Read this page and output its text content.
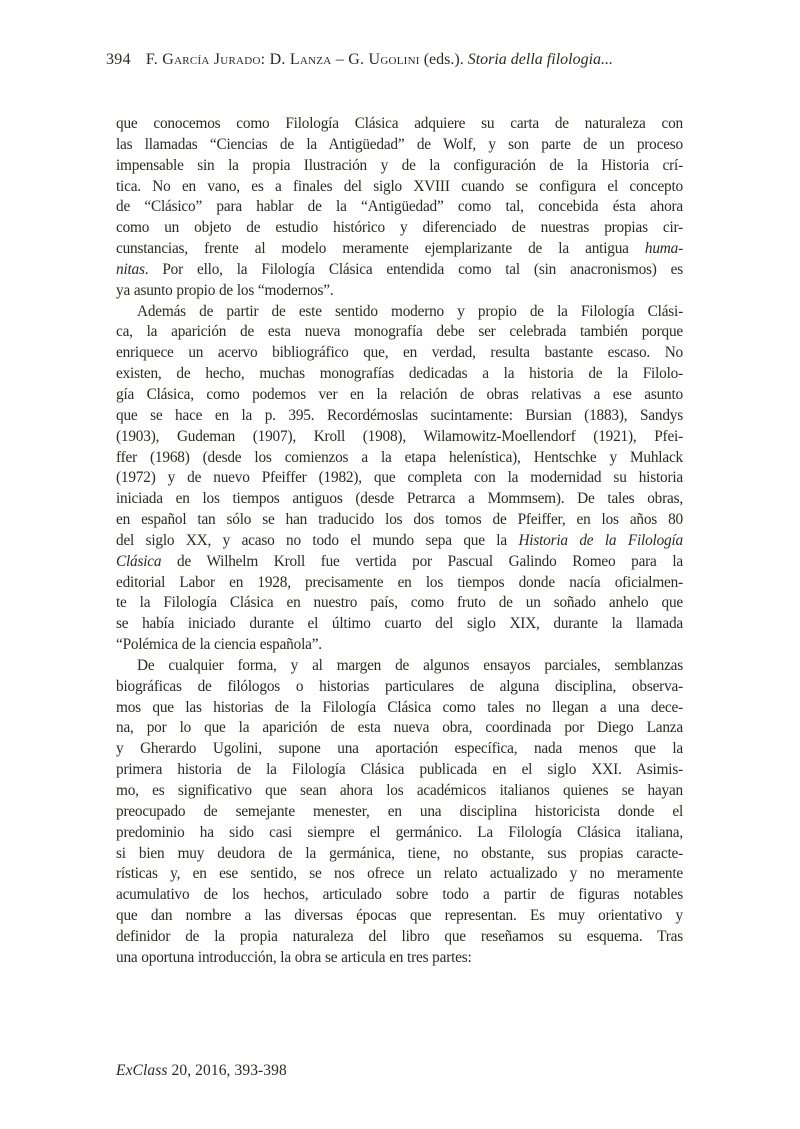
394 F. García Jurado: D. Lanza – G. Ugolini (eds.). Storia della filologia...
que conocemos como Filología Clásica adquiere su carta de naturaleza con
las llamadas “Ciencias de la Antigüedad” de Wolf, y son parte de un proceso
impensable sin la propia Ilustración y de la configuración de la Historia crí-
tica. No en vano, es a finales del siglo XVIII cuando se configura el concepto
de “Clásico” para hablar de la “Antigüedad” como tal, concebida ésta ahora
como un objeto de estudio histórico y diferenciado de nuestras propias cir-
cunstancias, frente al modelo meramente ejemplarizante de la antigua huma-
nitas. Por ello, la Filología Clásica entendida como tal (sin anacronismos) es
ya asunto propio de los “modernos”.
Además de partir de este sentido moderno y propio de la Filología Clási-
ca, la aparición de esta nueva monografía debe ser celebrada también porque
enriquece un acervo bibliográfico que, en verdad, resulta bastante escaso. No
existen, de hecho, muchas monografías dedicadas a la historia de la Filolo-
gía Clásica, como podemos ver en la relación de obras relativas a ese asunto
que se hace en la p. 395. Recordémoslas sucintamente: Bursian (1883), Sandys
(1903), Gudeman (1907), Kroll (1908), Wilamowitz-Moellendorf (1921), Pfei-
ffer (1968) (desde los comienzos a la etapa helenística), Hentschke y Muhlack
(1972) y de nuevo Pfeiffer (1982), que completa con la modernidad su historia
iniciada en los tiempos antiguos (desde Petrarca a Mommsem). De tales obras,
en español tan sólo se han traducido los dos tomos de Pfeiffer, en los años 80
del siglo XX, y acaso no todo el mundo sepa que la Historia de la Filología
Clásica de Wilhelm Kroll fue vertida por Pascual Galindo Romeo para la
editorial Labor en 1928, precisamente en los tiempos donde nacía oficialmen-
te la Filología Clásica en nuestro país, como fruto de un soñado anhelo que
se había iniciado durante el último cuarto del siglo XIX, durante la llamada
“Polémica de la ciencia española”.
De cualquier forma, y al margen de algunos ensayos parciales, semblanzas
biográficas de filólogos o historias particulares de alguna disciplina, observa-
mos que las historias de la Filología Clásica como tales no llegan a una dece-
na, por lo que la aparición de esta nueva obra, coordinada por Diego Lanza
y Gherardo Ugolini, supone una aportación específica, nada menos que la
primera historia de la Filología Clásica publicada en el siglo XXI. Asimis-
mo, es significativo que sean ahora los académicos italianos quienes se hayan
preocupado de semejante menester, en una disciplina historicista donde el
predominio ha sido casi siempre el germánico. La Filología Clásica italiana,
si bien muy deudora de la germánica, tiene, no obstante, sus propias caracte-
rísticas y, en ese sentido, se nos ofrece un relato actualizado y no meramente
acumulativo de los hechos, articulado sobre todo a partir de figuras notables
que dan nombre a las diversas épocas que representan. Es muy orientativo y
definidor de la propia naturaleza del libro que reseñamos su esquema. Tras
una oportuna introducción, la obra se articula en tres partes:
ExClass 20, 2016, 393-398
